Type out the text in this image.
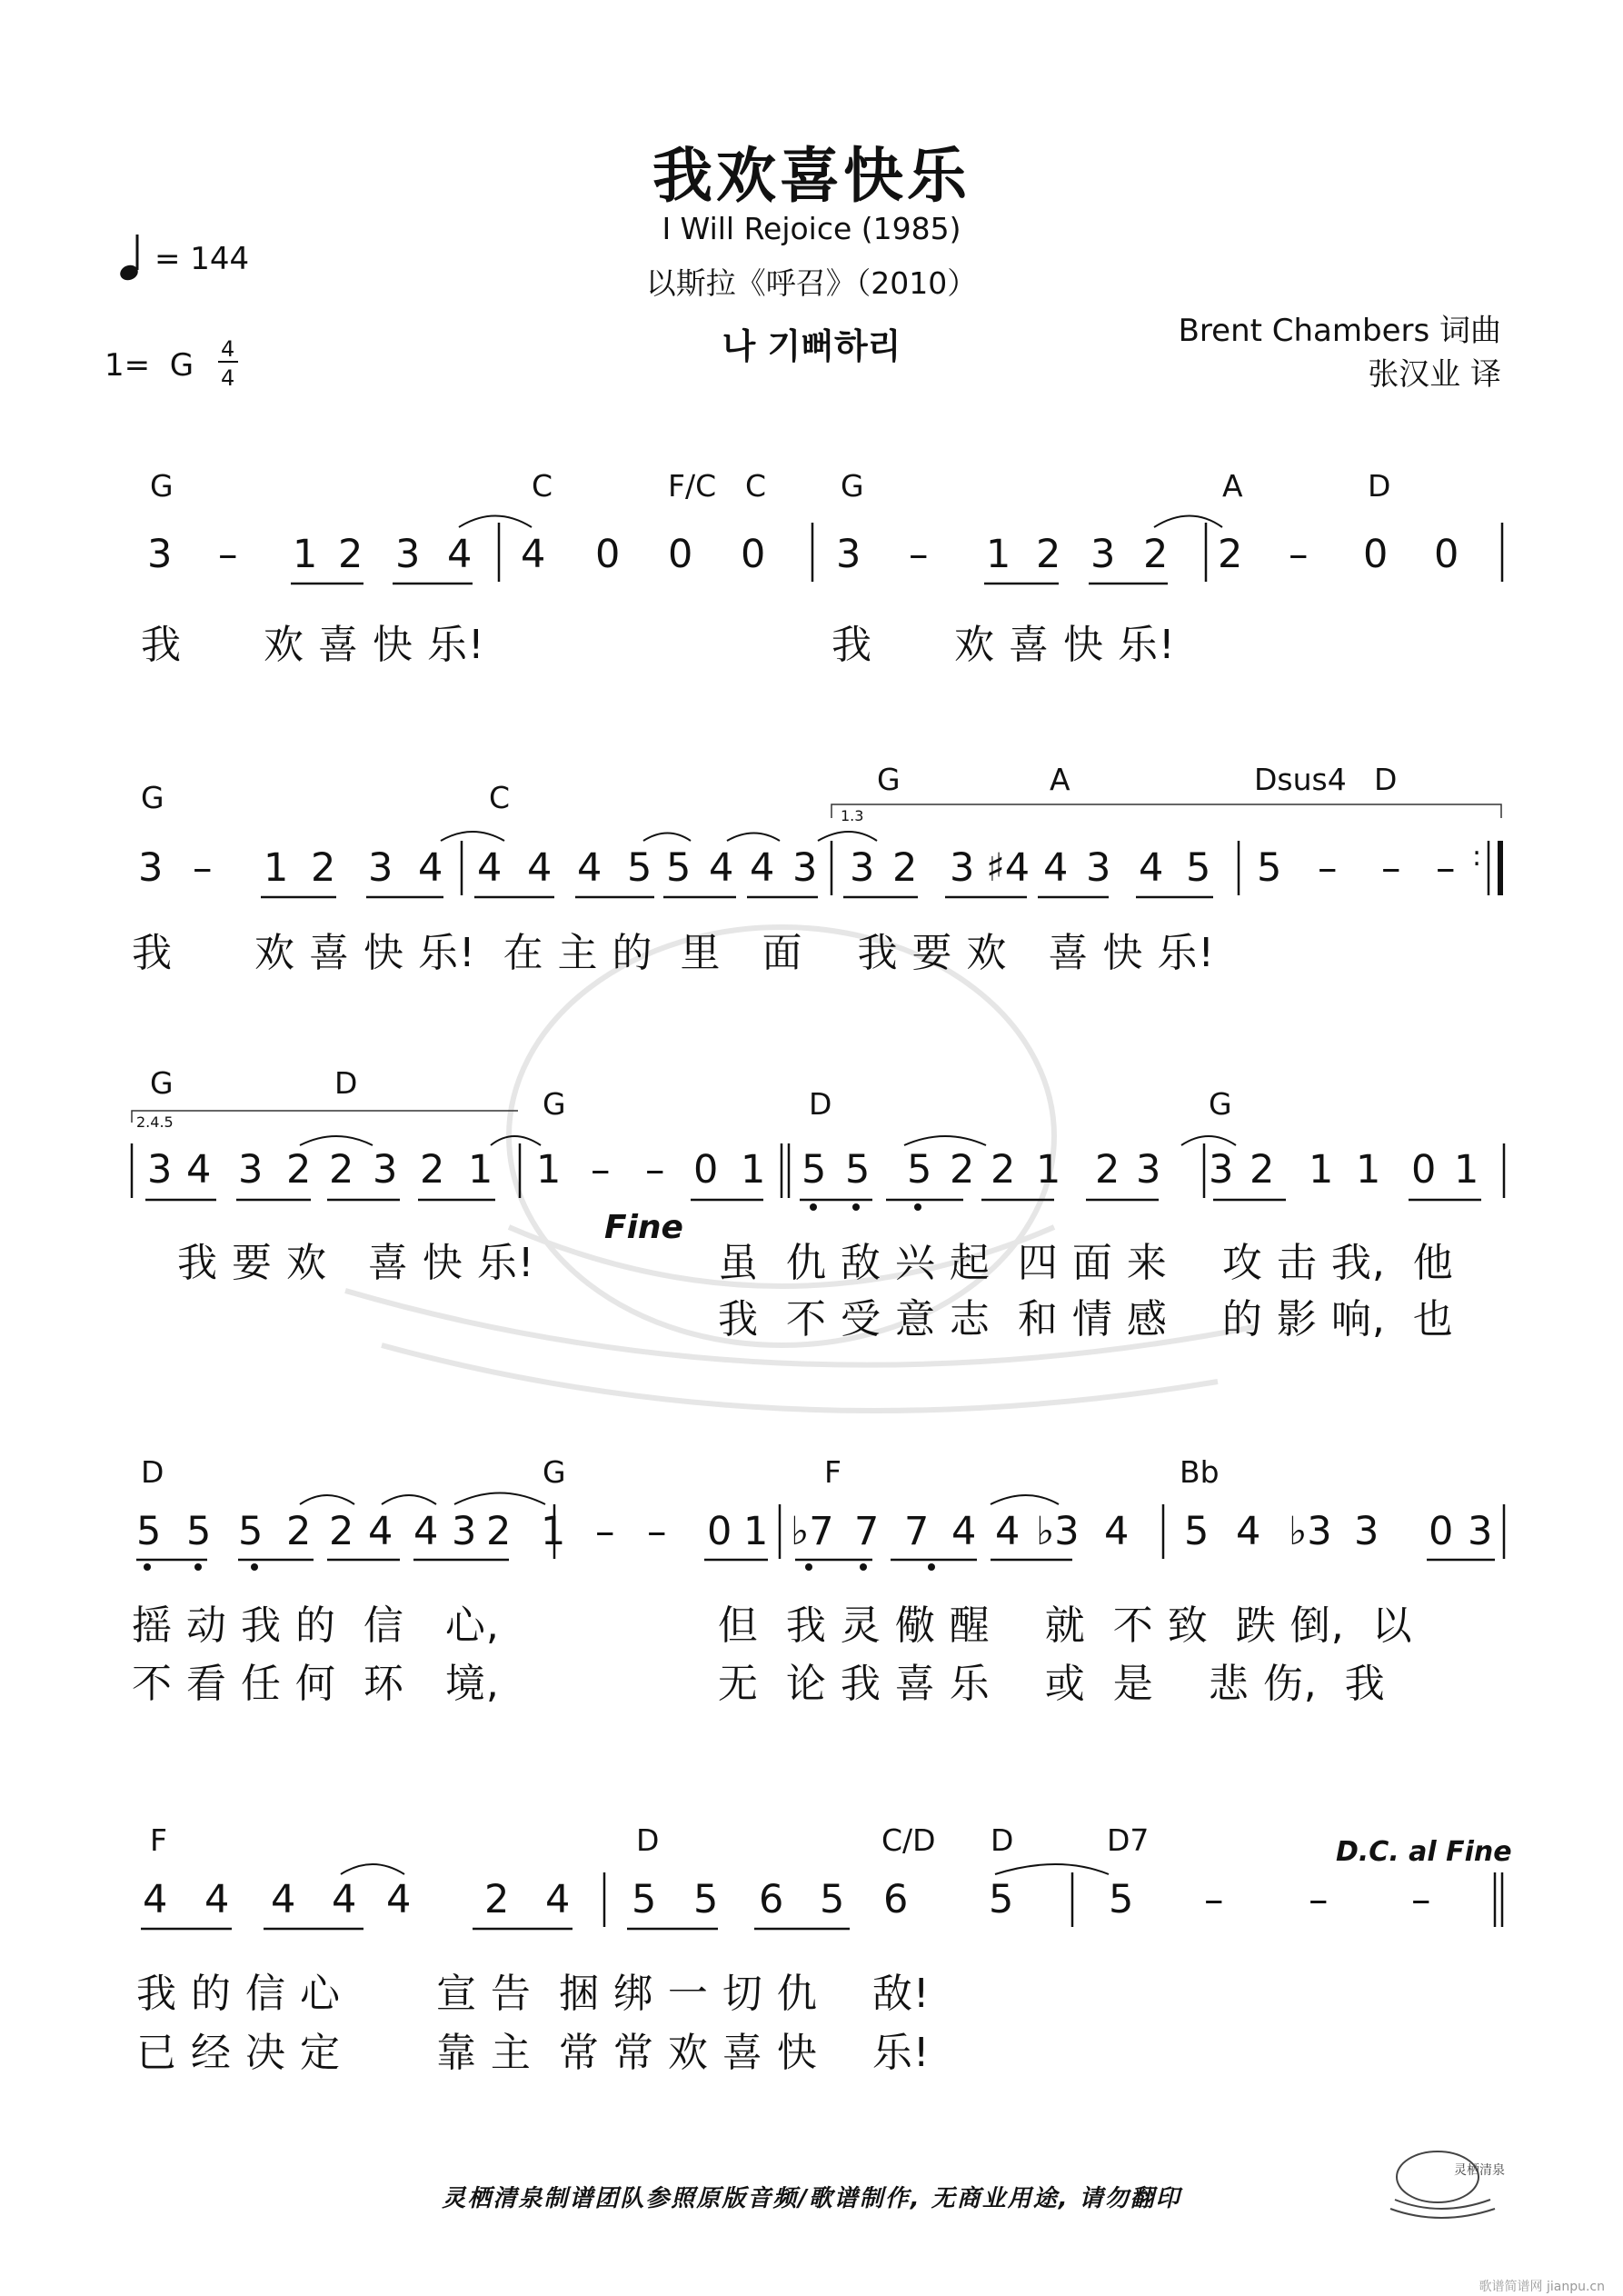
4
4
灵栖清泉
我欢喜快乐
I Will Rejoice (1985)
以斯拉《呼召》（2010）
나 기뻐하리	Brent Chambers 词曲
张汉业 译
= 144
1=  G
G	C	F/C C G	A	D
3 – 1 2 3 4 4 0 0 0 3 – 1 2 3 2 2 – 0 0
我　　欢 喜 快 乐!	我　　欢 喜 快 乐!
G	C
G	A	Dsus4 D
1.3
3 – 1 2 3 4 4 4 4 5 5 4 4 3 3 2 3 ♯4 4 3 4 5 5 – – – :
我　　欢 喜 快 乐!  在 主 的  里   面　 我 要 欢   喜 快 乐!
G	D
G	D	G
2.4.5
3 4 3 2 2 3 2 1 1 – – 0 1 5 5 5 2 2 1 2 3 3 2 1 1 0 1
Fine
我 要 欢   喜 快 乐!	虽  仇 敌 兴 起  四 面 来　 攻 击 我,  他
我  不 受 意 志  和 情 感　 的 影 响,  也
D	G	F	Bb
5 5 5 2 2 4 4 3 2 1 – – 0 1 ♭7 7 7 4 4 ♭3 4 5 4 ♭3 3 0 3
摇 动 我 的  信   心,　　　　　 但  我 灵 儆 醒　 就  不 致  跌 倒,  以
不 看 任 何  环   境,　　　　　 无  论 我 喜 乐　 或  是　 悲 伤,  我
F	D	C/D D	D7	D.C. al Fine
4 4 4 4 4 2 4 5 5 6 5 6 5 5 – – –
我 的 信 心　　 宣 告  捆 绑 一 切 仇　 敌!
已 经 决 定　　 靠 主  常 常 欢 喜 快　 乐!
灵栖清泉制谱团队参照原版音频/歌谱制作, 无商业用途, 请勿翻印
歌谱简谱网 jianpu.cn
